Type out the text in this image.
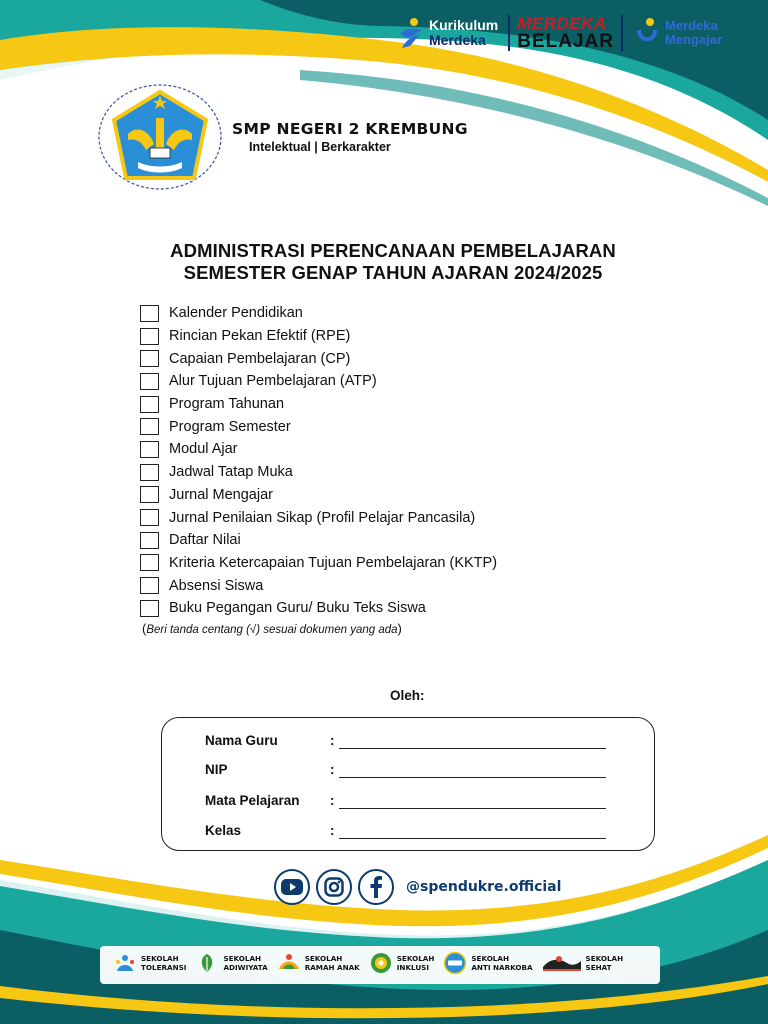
Kurikulum
Merdeka
MERDEKA
BELAJAR
Merdeka
Mengajar
SMP NEGERI 2 KREMBUNG
Intelektual | Berkarakter
ADMINISTRASI PERENCANAAN PEMBELAJARAN
SEMESTER GENAP TAHUN AJARAN 2024/2025
Kalender Pendidikan
Rincian Pekan Efektif (RPE)
Capaian Pembelajaran (CP)
Alur Tujuan Pembelajaran (ATP)
Program Tahunan
Program Semester
Modul Ajar
Jadwal Tatap Muka
Jurnal Mengajar
Jurnal Penilaian Sikap (Profil Pelajar Pancasila)
Daftar Nilai
Kriteria Ketercapaian Tujuan Pembelajaran (KKTP)
Absensi Siswa
Buku Pegangan Guru/ Buku Teks Siswa
(Beri tanda centang (√) sesuai dokumen yang ada)
Oleh:
Nama Guru	:
NIP	:
Mata Pelajaran :
Kelas	:
@spendukre.official
SEKOLAH
TOLERANSI
SEKOLAH
ADIWIYATA
SEKOLAH
RAMAH ANAK
SEKOLAH
INKLUSI
SEKOLAH
ANTI NARKOBA
SEKOLAH
SEHAT
